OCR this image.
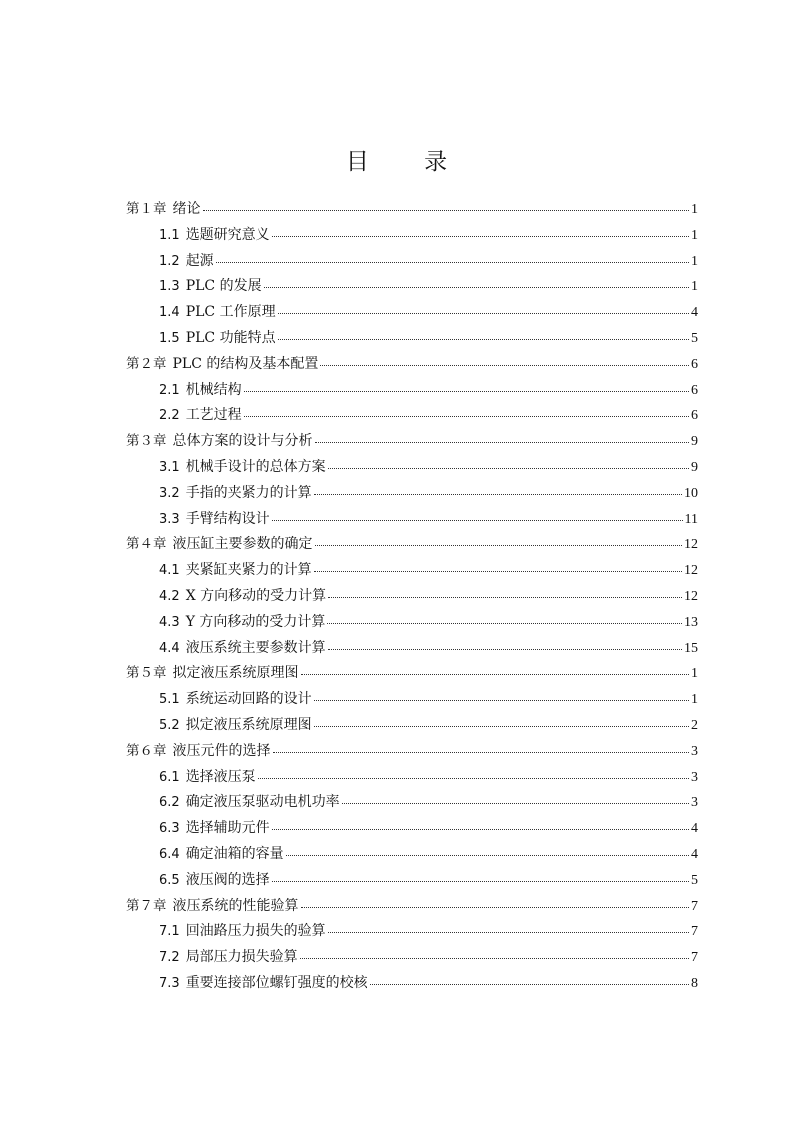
目 录
第１章 绪论	1
1.1 选题研究意义	1
1.2 起源	1
1.3 PLC 的发展	1
1.4 PLC 工作原理	4
1.5 PLC 功能特点	5
第２章 PLC 的结构及基本配置	6
2.1 机械结构	6
2.2 工艺过程	6
第３章 总体方案的设计与分析	9
3.1 机械手设计的总体方案	9
3.2 手指的夹紧力的计算	10
3.3 手臂结构设计	11
第４章 液压缸主要参数的确定	12
4.1 夹紧缸夹紧力的计算	12
4.2 X 方向移动的受力计算	12
4.3 Y 方向移动的受力计算	13
4.4 液压系统主要参数计算	15
第５章 拟定液压系统原理图	1
5.1 系统运动回路的设计	1
5.2 拟定液压系统原理图	2
第６章 液压元件的选择	3
6.1 选择液压泵	3
6.2 确定液压泵驱动电机功率	3
6.3 选择辅助元件	4
6.4 确定油箱的容量	4
6.5 液压阀的选择	5
第７章 液压系统的性能验算	7
7.1 回油路压力损失的验算	7
7.2 局部压力损失验算	7
7.3 重要连接部位螺钉强度的校核	8
